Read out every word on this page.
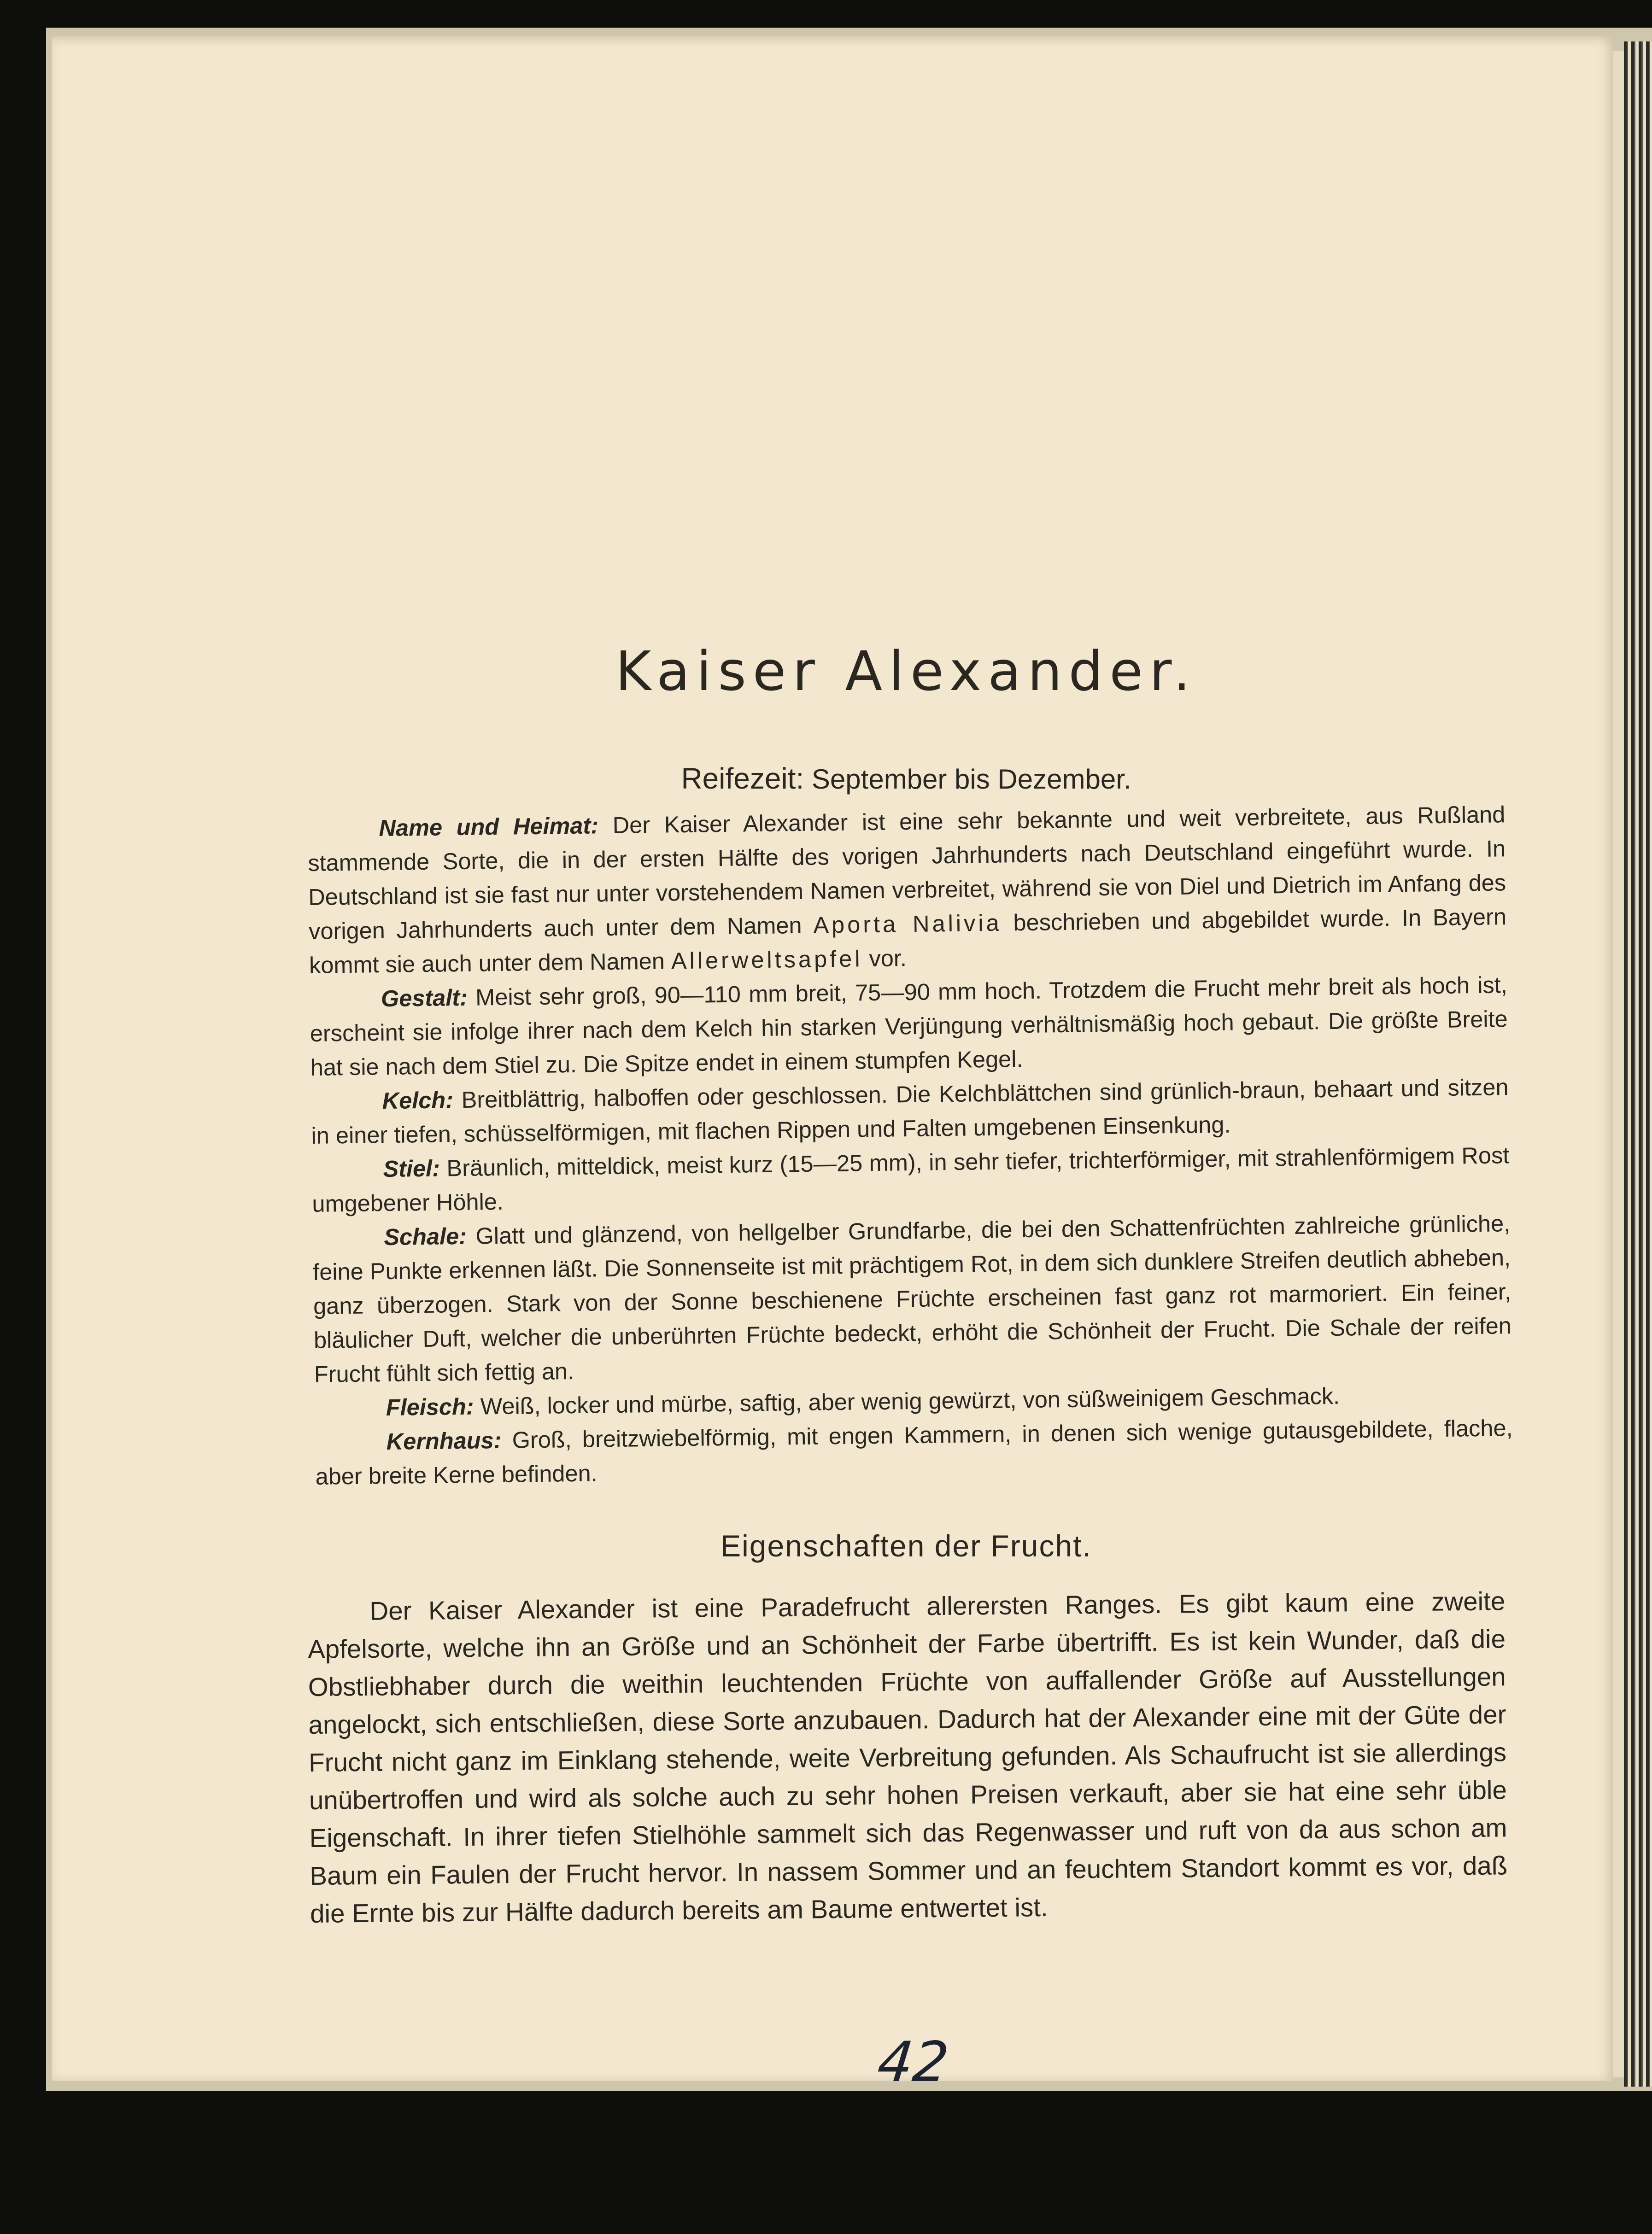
Kaiser Alexander.
Reifezeit: September bis Dezember.

Name und Heimat: Der Kaiser Alexander ist eine sehr bekannte und weit verbreitete, aus Rußland stammende Sorte, die in der ersten Hälfte des vorigen Jahrhunderts nach Deutschland eingeführt wurde. In Deutschland ist sie fast nur unter vorstehendem Namen verbreitet, während sie von Diel und Dietrich im Anfang des vorigen Jahrhunderts auch unter dem Namen Aporta Nalivia beschrieben und abgebildet wurde. In Bayern kommt sie auch unter dem Namen Allerweltsapfel vor.

Gestalt: Meist sehr groß, 90—110 mm breit, 75—90 mm hoch. Trotzdem die Frucht mehr breit als hoch ist, erscheint sie infolge ihrer nach dem Kelch hin starken Verjüngung verhältnismäßig hoch gebaut. Die größte Breite hat sie nach dem Stiel zu. Die Spitze endet in einem stumpfen Kegel.

Kelch: Breitblättrig, halboffen oder geschlossen. Die Kelchblättchen sind grünlich-braun, behaart und sitzen in einer tiefen, schüsselförmigen, mit flachen Rippen und Falten umgebenen Einsenkung.

Stiel: Bräunlich, mitteldick, meist kurz (15—25 mm), in sehr tiefer, trichterförmiger, mit strahlenförmigem Rost umgebener Höhle.

Schale: Glatt und glänzend, von hellgelber Grundfarbe, die bei den Schattenfrüchten zahlreiche grünliche, feine Punkte erkennen läßt. Die Sonnenseite ist mit prächtigem Rot, in dem sich dunklere Streifen deutlich abheben, ganz überzogen. Stark von der Sonne beschienene Früchte erscheinen fast ganz rot marmoriert. Ein feiner, bläulicher Duft, welcher die unberührten Früchte bedeckt, erhöht die Schönheit der Frucht. Die Schale der reifen Frucht fühlt sich fettig an.

Fleisch: Weiß, locker und mürbe, saftig, aber wenig gewürzt, von süßweinigem Geschmack.

Kernhaus: Groß, breitzwiebelförmig, mit engen Kammern, in denen sich wenige gutausgebildete, flache, aber breite Kerne befinden.

Eigenschaften der Frucht.

Der Kaiser Alexander ist eine Paradefrucht allerersten Ranges. Es gibt kaum eine zweite Apfelsorte, welche ihn an Größe und an Schönheit der Farbe übertrifft. Es ist kein Wunder, daß die Obstliebhaber durch die weithin leuchtenden Früchte von auffallender Größe auf Ausstellungen angelockt, sich entschließen, diese Sorte anzubauen. Dadurch hat der Alexander eine mit der Güte der Frucht nicht ganz im Einklang stehende, weite Verbreitung gefunden. Als Schaufrucht ist sie allerdings unübertroffen und wird als solche auch zu sehr hohen Preisen verkauft, aber sie hat eine sehr üble Eigenschaft. In ihrer tiefen Stielhöhle sammelt sich das Regenwasser und ruft von da aus schon am Baum ein Faulen der Frucht hervor. In nassem Sommer und an feuchtem Standort kommt es vor, daß die Ernte bis zur Hälfte dadurch bereits am Baume entwertet ist.

42
